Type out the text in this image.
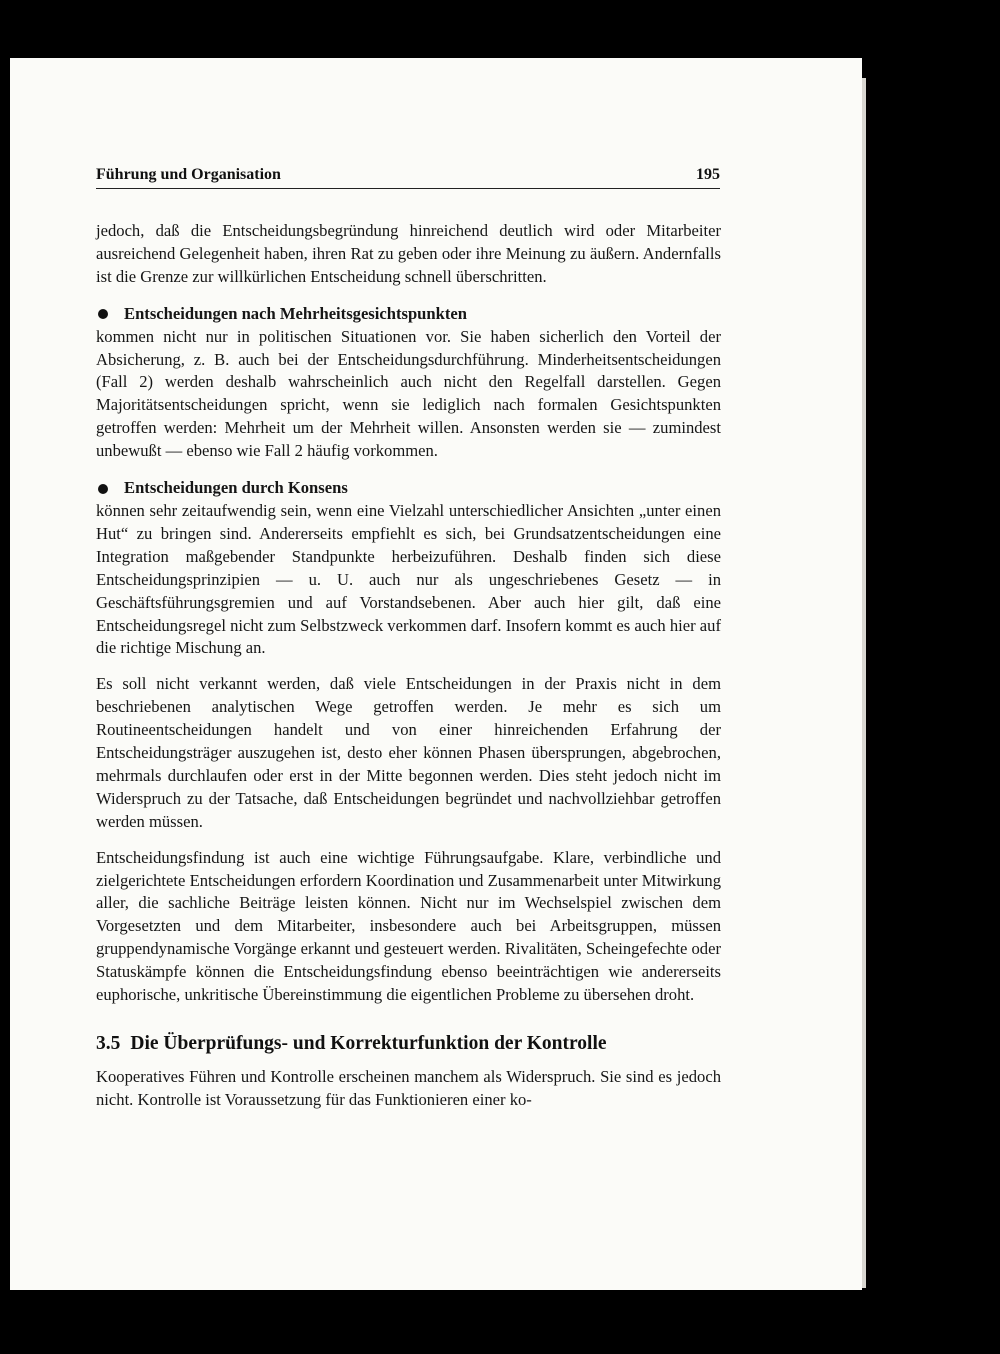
Führung und Organisation	195

jedoch, daß die Entscheidungsbegründung hinreichend deutlich wird oder Mitarbeiter ausreichend Gelegenheit haben, ihren Rat zu geben oder ihre Meinung zu äußern. Andernfalls ist die Grenze zur willkürlichen Entscheidung schnell überschritten.

Entscheidungen nach Mehrheitsgesichtspunkten

kommen nicht nur in politischen Situationen vor. Sie haben sicherlich den Vorteil der Absicherung, z. B. auch bei der Entscheidungsdurchführung. Minderheitsentscheidungen (Fall 2) werden deshalb wahrscheinlich auch nicht den Regelfall darstellen. Gegen Majoritätsentscheidungen spricht, wenn sie lediglich nach formalen Gesichtspunkten getroffen werden: Mehrheit um der Mehrheit willen. Ansonsten werden sie — zumindest unbewußt — ebenso wie Fall 2 häufig vorkommen.

Entscheidungen durch Konsens

können sehr zeitaufwendig sein, wenn eine Vielzahl unterschiedlicher Ansichten „unter einen Hut“ zu bringen sind. Andererseits empfiehlt es sich, bei Grundsatzentscheidungen eine Integration maßgebender Standpunkte herbeizuführen. Deshalb finden sich diese Entscheidungsprinzipien — u. U. auch nur als ungeschriebenes Gesetz — in Geschäftsführungsgremien und auf Vorstandsebenen. Aber auch hier gilt, daß eine Entscheidungsregel nicht zum Selbstzweck verkommen darf. Insofern kommt es auch hier auf die richtige Mischung an.

Es soll nicht verkannt werden, daß viele Entscheidungen in der Praxis nicht in dem beschriebenen analytischen Wege getroffen werden. Je mehr es sich um Routineentscheidungen handelt und von einer hinreichenden Erfahrung der Entscheidungsträger auszugehen ist, desto eher können Phasen übersprungen, abgebrochen, mehrmals durchlaufen oder erst in der Mitte begonnen werden. Dies steht jedoch nicht im Widerspruch zu der Tatsache, daß Entscheidungen begründet und nachvollziehbar getroffen werden müssen.

Entscheidungsfindung ist auch eine wichtige Führungsaufgabe. Klare, verbindliche und zielgerichtete Entscheidungen erfordern Koordination und Zusammenarbeit unter Mitwirkung aller, die sachliche Beiträge leisten können. Nicht nur im Wechselspiel zwischen dem Vorgesetzten und dem Mitarbeiter, insbesondere auch bei Arbeitsgruppen, müssen gruppendynamische Vorgänge erkannt und gesteuert werden. Rivalitäten, Scheingefechte oder Statuskämpfe können die Entscheidungsfindung ebenso beeinträchtigen wie andererseits euphorische, unkritische Übereinstimmung die eigentlichen Probleme zu übersehen droht.

3.5 Die Überprüfungs- und Korrekturfunktion der Kontrolle

Kooperatives Führen und Kontrolle erscheinen manchem als Widerspruch. Sie sind es jedoch nicht. Kontrolle ist Voraussetzung für das Funktionieren einer ko-
